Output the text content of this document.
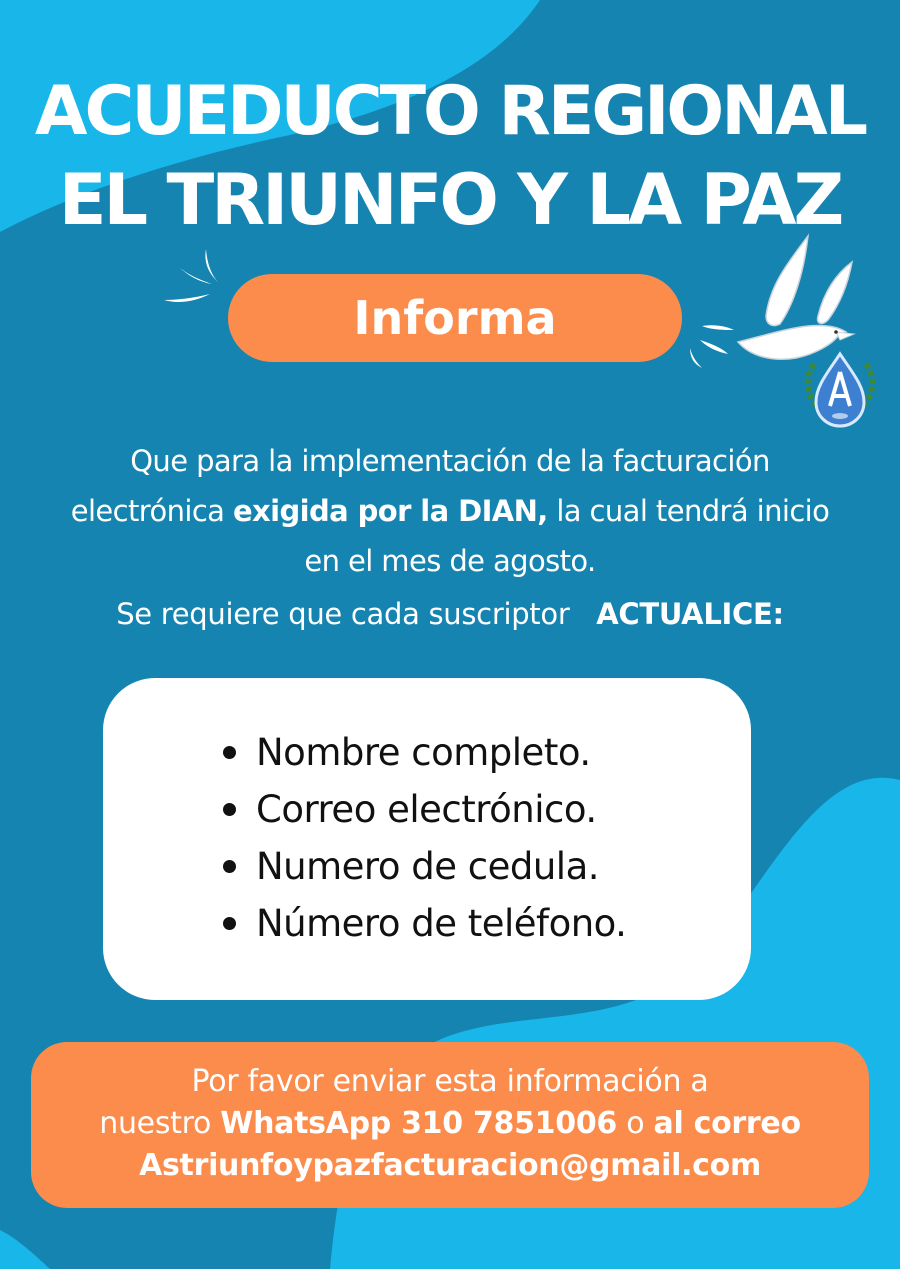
ACUEDUCTO REGIONAL
EL TRIUNFO Y LA PAZ
Informa
Que para la implementación de la facturación
electrónica exigida por la DIAN, la cual tendrá inicio
en el mes de agosto.
Se requiere que cada suscriptor ACTUALICE:
Nombre completo.
Correo electrónico.
Numero de cedula.
Número de teléfono.
Por favor enviar esta información a
nuestro WhatsApp 310 7851006 o al correo
Astriunfoypazfacturacion@gmail.com
